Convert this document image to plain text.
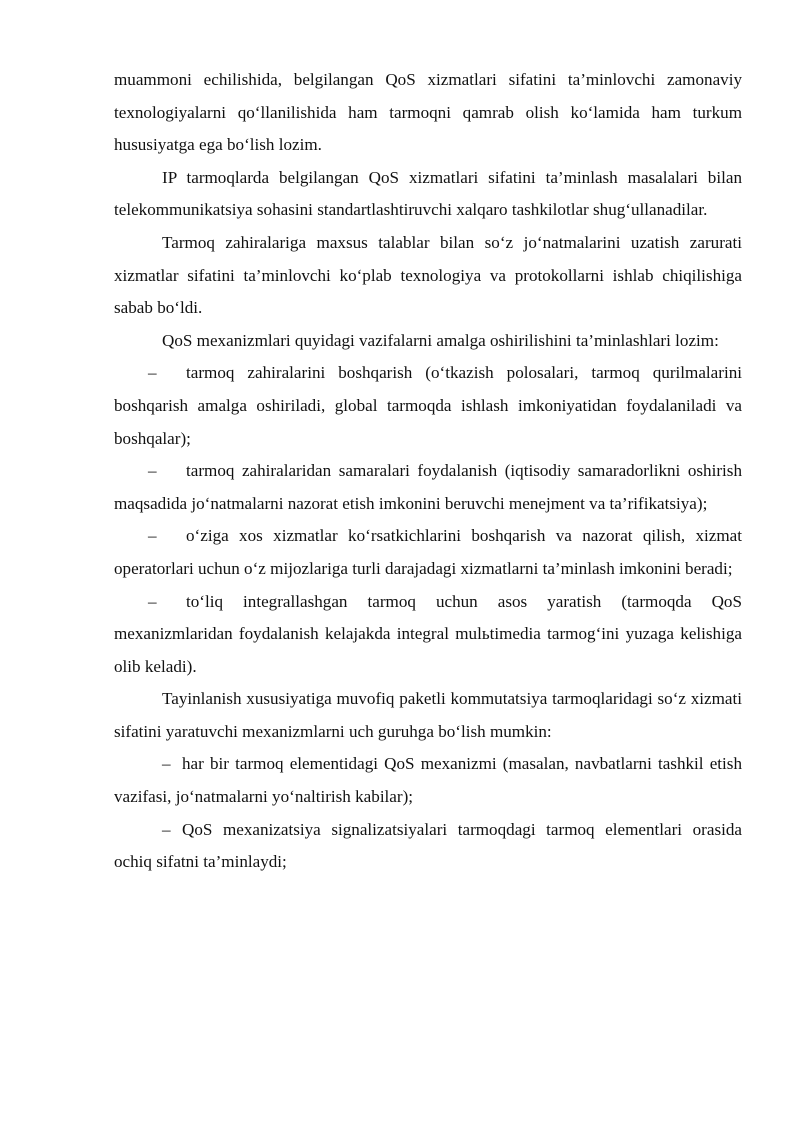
muammoni echilishida, belgilangan QoS xizmatlari sifatini ta’minlovchi zamonaviy texnologiyalarni qo‘llanilishida ham tarmoqni qamrab olish ko‘lamida ham turkum hususiyatga ega bo‘lish lozim.

IP tarmoqlarda belgilangan QoS xizmatlari sifatini ta’minlash masalalari bilan telekommunikatsiya sohasini standartlashtiruvchi xalqaro tashkilotlar shug‘ullanadilar.

Tarmoq zahiralariga maxsus talablar bilan so‘z jo‘natmalarini uzatish zarurati xizmatlar sifatini ta’minlovchi ko‘plab texnologiya va protokollarni ishlab chiqilishiga sabab bo‘ldi.

QoS mexanizmlari quyidagi vazifalarni amalga oshirilishini ta’minlashlari lozim:

– tarmoq zahiralarini boshqarish (o‘tkazish polosalari, tarmoq qurilmalarini boshqarish amalga oshiriladi, global tarmoqda ishlash imkoniyatidan foydalaniladi va boshqalar);

– tarmoq zahiralaridan samaralari foydalanish (iqtisodiy samaradorlikni oshirish maqsadida jo‘natmalarni nazorat etish imkonini beruvchi menejment va ta’rifikatsiya);

– o‘ziga xos xizmatlar ko‘rsatkichlarini boshqarish va nazorat qilish, xizmat operatorlari uchun o‘z mijozlariga turli darajadagi xizmatlarni ta’minlash imkonini beradi;

– to‘liq integrallashgan tarmoq uchun asos yaratish (tarmoqda QoS mexanizmlaridan foydalanish kelajakda integral mulьtimedia tarmog‘ini yuzaga kelishiga olib keladi).

Tayinlanish xususiyatiga muvofiq paketli kommutatsiya tarmoqlaridagi so‘z xizmati sifatini yaratuvchi mexanizmlarni uch guruhga bo‘lish mumkin:

– har bir tarmoq elementidagi QoS mexanizmi (masalan, navbatlarni tashkil etish vazifasi, jo‘natmalarni yo‘naltirish kabilar);

– QoS mexanizatsiya signalizatsiyalari tarmoqdagi tarmoq elementlari orasida ochiq sifatni ta’minlaydi;
